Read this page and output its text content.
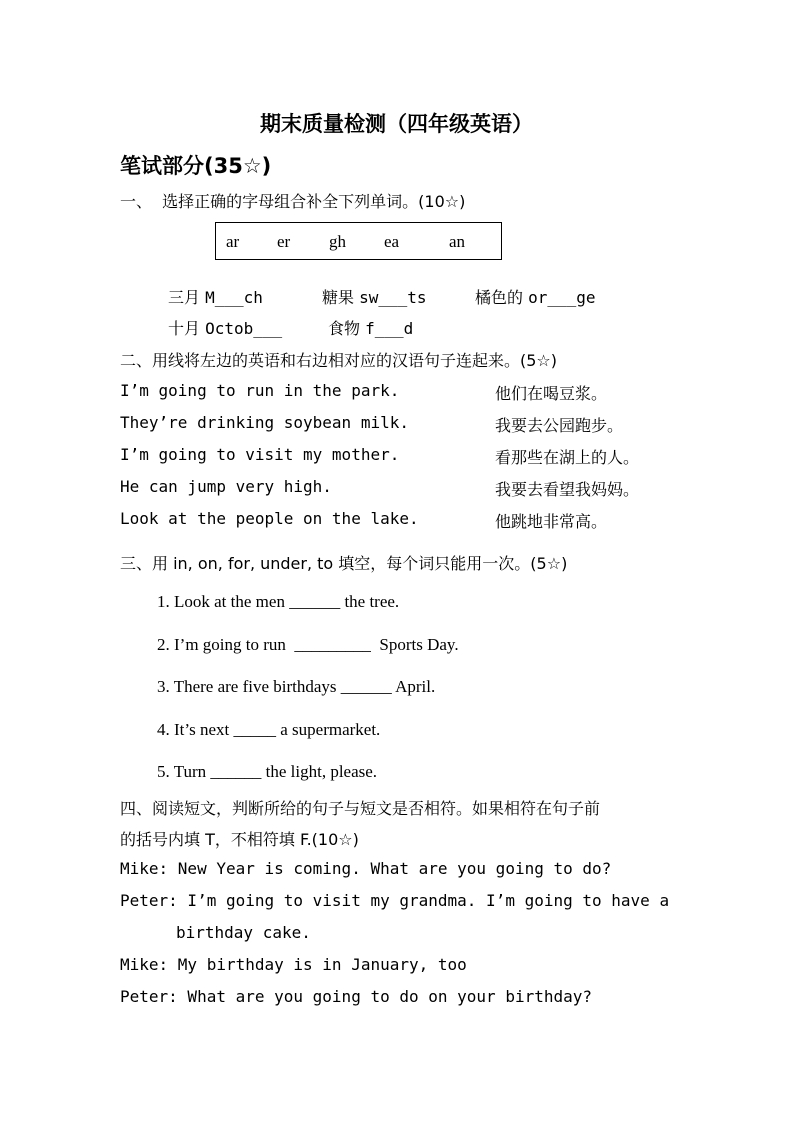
期末质量检测（四年级英语）
笔试部分(35☆)
一、  选择正确的字母组合补全下列单词。(10☆)
ar er gh ea	an
三月 M___ch	糖果 sw___ts	橘色的 or___ge
十月 Octob___	食物 f___d
二、用线将左边的英语和右边相对应的汉语句子连起来。(5☆)
I’m going to run in the park.
They’re drinking soybean milk.
I’m going to visit my mother.
He can jump very high.
Look at the people on the lake.
他们在喝豆浆。
我要去公园跑步。
看那些在湖上的人。
我要去看望我妈妈。
他跳地非常高。
三、用 in, on, for, under, to 填空，每个词只能用一次。(5☆)
1. Look at the men ______ the tree.
2. I’m going to run  _________  Sports Day.
3. There are five birthdays ______ April.
4. It’s next _____ a supermarket.
5. Turn ______ the light, please.
四、阅读短文，判断所给的句子与短文是否相符。如果相符在句子前
的括号内填 T，不相符填 F.(10☆)
Mike: New Year is coming. What are you going to do?
Peter: I’m going to visit my grandma. I’m going to have a
birthday cake.
Mike: My birthday is in January, too
Peter: What are you going to do on your birthday?
